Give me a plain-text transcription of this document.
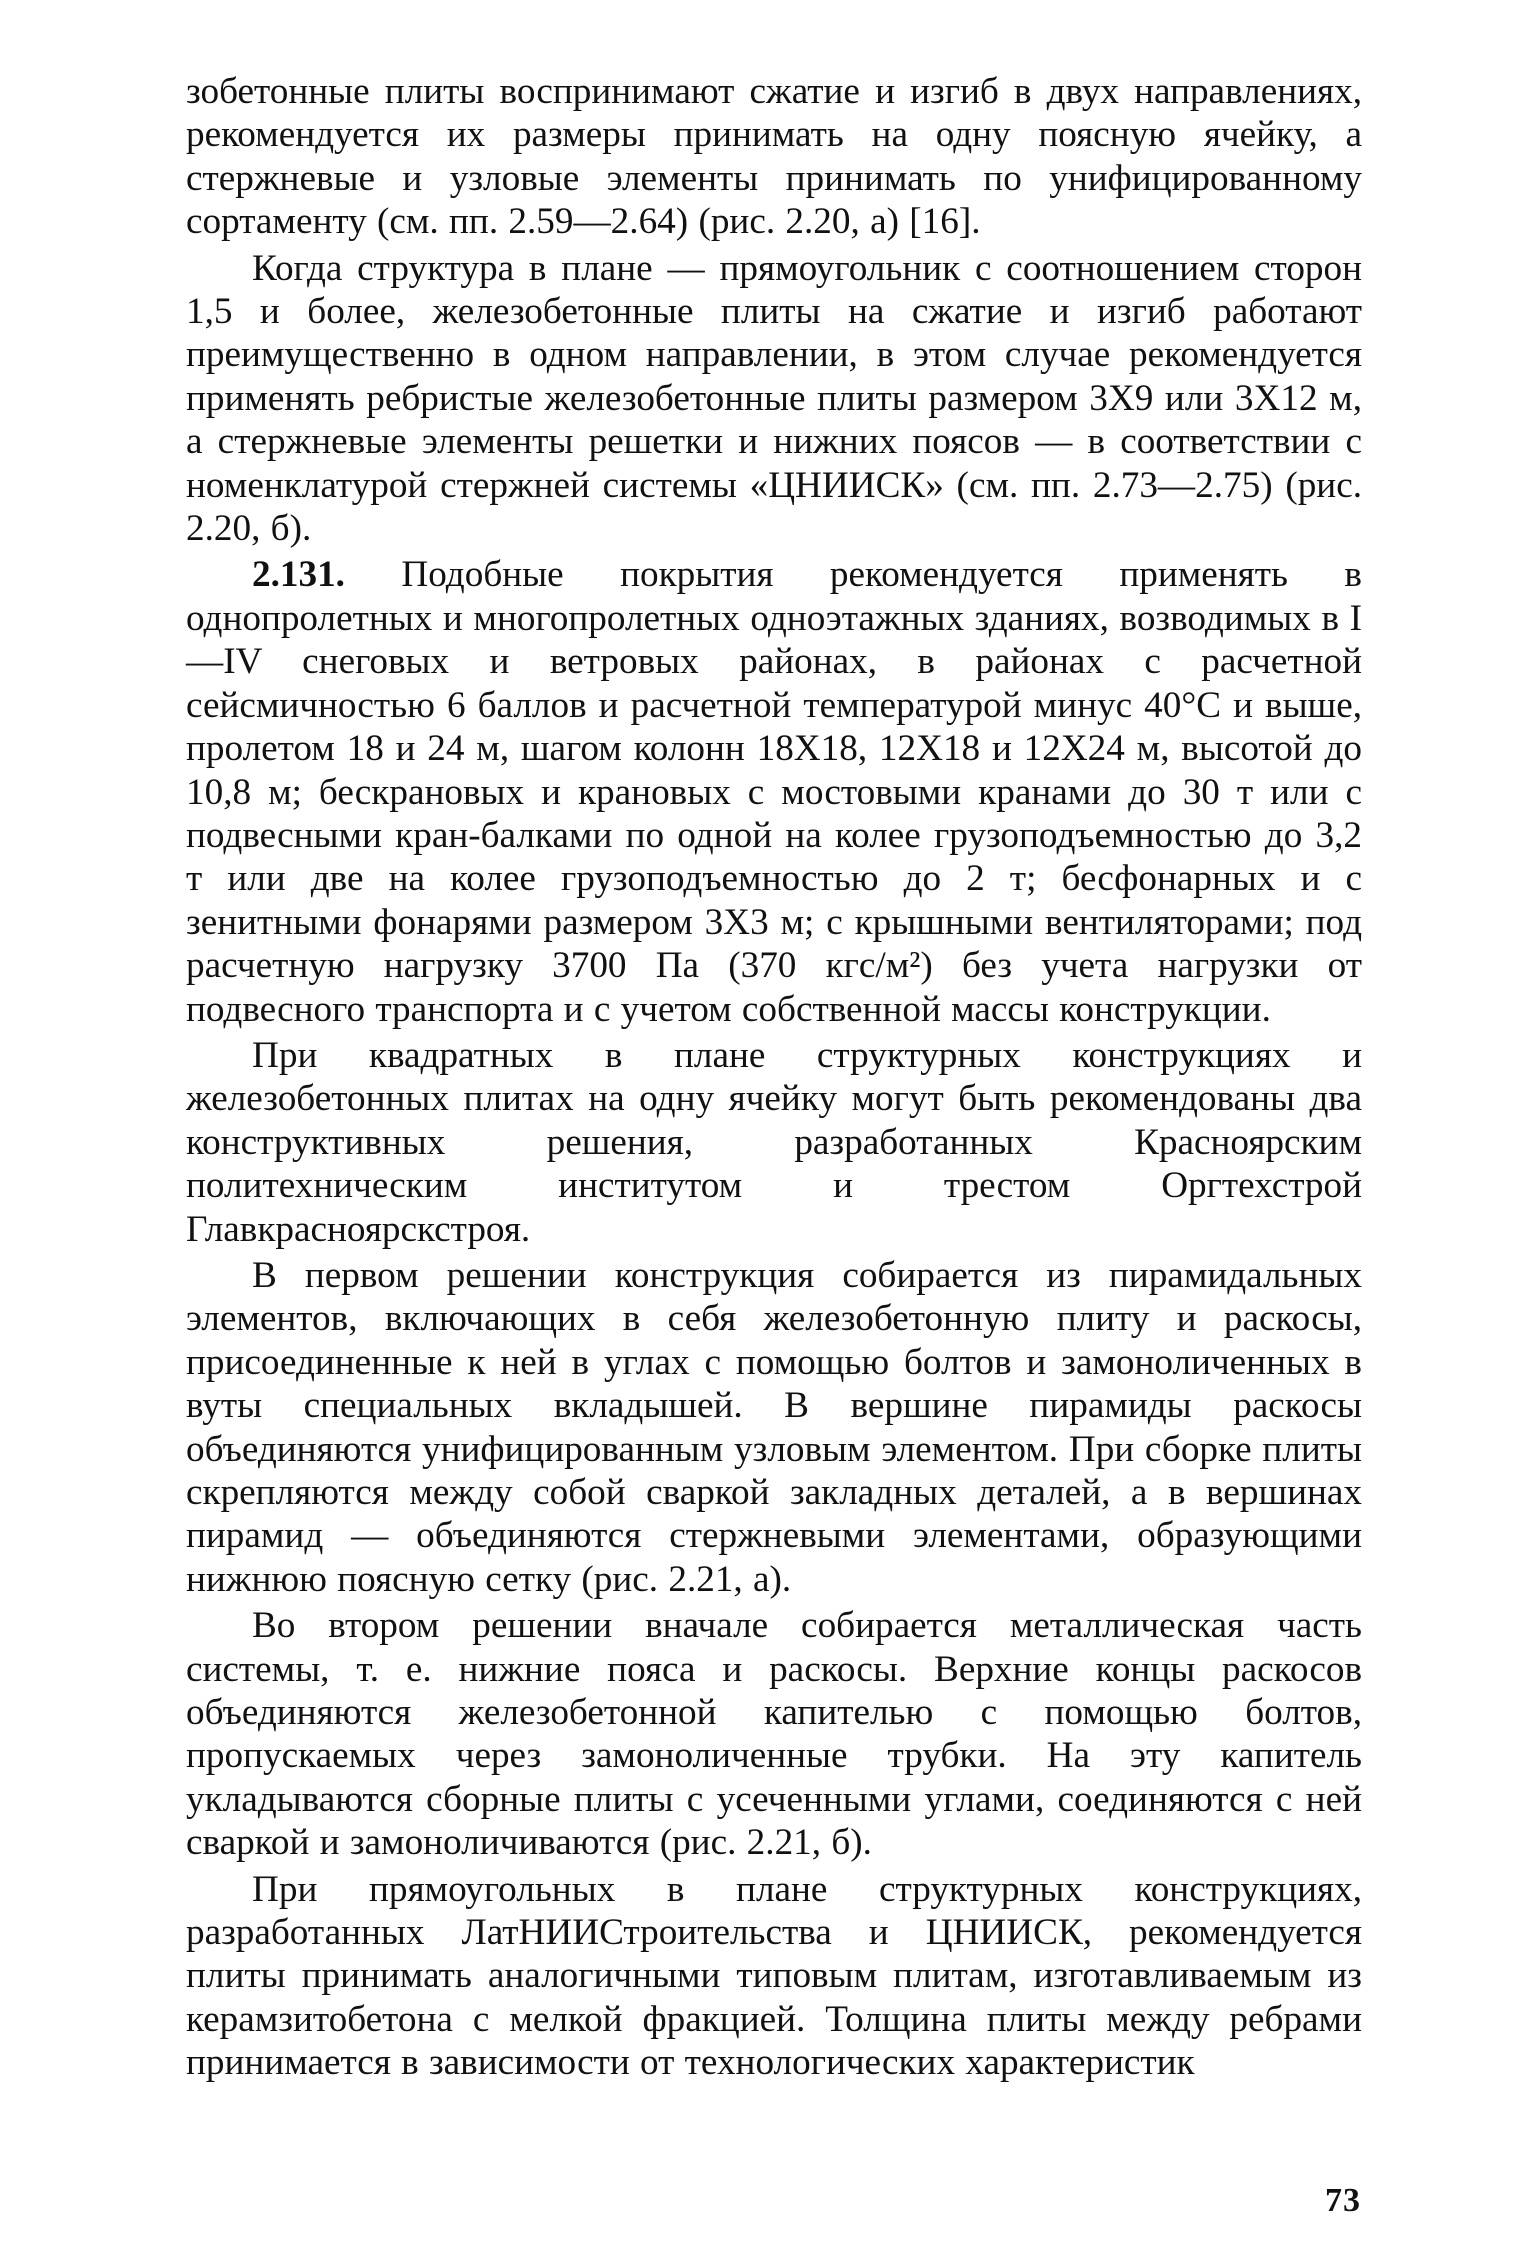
зобетонные плиты воспринимают сжатие и изгиб в двух направлениях, рекомендуется их размеры принимать на одну поясную ячейку, а стержневые и узловые элементы принимать по унифицированному сортаменту (см. пп. 2.59—2.64) (рис. 2.20, а) [16].

Когда структура в плане — прямоугольник с соотношением сторон 1,5 и более, железобетонные плиты на сжатие и изгиб работают преимущественно в одном направлении, в этом случае рекомендуется применять ребристые железобетонные плиты размером 3Х9 или 3Х12 м, а стержневые элементы решетки и нижних поясов — в соответствии с номенклатурой стержней системы «ЦНИИСК» (см. пп. 2.73—2.75) (рис. 2.20, б).

2.131. Подобные покрытия рекомендуется применять в однопролетных и многопролетных одноэтажных зданиях, возводимых в I—IV снеговых и ветровых районах, в районах с расчетной сейсмичностью 6 баллов и расчетной температурой минус 40°С и выше, пролетом 18 и 24 м, шагом колонн 18Х18, 12Х18 и 12Х24 м, высотой до 10,8 м; бескрановых и крановых с мостовыми кранами до 30 т или с подвесными кран-балками по одной на колее грузоподъемностью до 3,2 т или две на колее грузоподъемностью до 2 т; бесфонарных и с зенитными фонарями размером 3Х3 м; с крышными вентиляторами; под расчетную нагрузку 3700 Па (370 кгс/м²) без учета нагрузки от подвесного транспорта и с учетом собственной массы конструкции.

При квадратных в плане структурных конструкциях и железобетонных плитах на одну ячейку могут быть рекомендованы два конструктивных решения, разработанных Красноярским политехническим институтом и трестом Оргтехстрой Главкрасноярскстроя.

В первом решении конструкция собирается из пирамидальных элементов, включающих в себя железобетонную плиту и раскосы, присоединенные к ней в углах с помощью болтов и замоноличенных в вуты специальных вкладышей. В вершине пирамиды раскосы объединяются унифицированным узловым элементом. При сборке плиты скрепляются между собой сваркой закладных деталей, а в вершинах пирамид — объединяются стержневыми элементами, образующими нижнюю поясную сетку (рис. 2.21, а).

Во втором решении вначале собирается металлическая часть системы, т. е. нижние пояса и раскосы. Верхние концы раскосов объединяются железобетонной капителью с помощью болтов, пропускаемых через замоноличенные трубки. На эту капитель укладываются сборные плиты с усеченными углами, соединяются с ней сваркой и замоноличиваются (рис. 2.21, б).

При прямоугольных в плане структурных конструкциях, разработанных ЛатНИИСтроительства и ЦНИИСК, рекомендуется плиты принимать аналогичными типовым плитам, изготавливаемым из керамзитобетона с мелкой фракцией. Толщина плиты между ребрами принимается в зависимости от технологических характеристик

73
